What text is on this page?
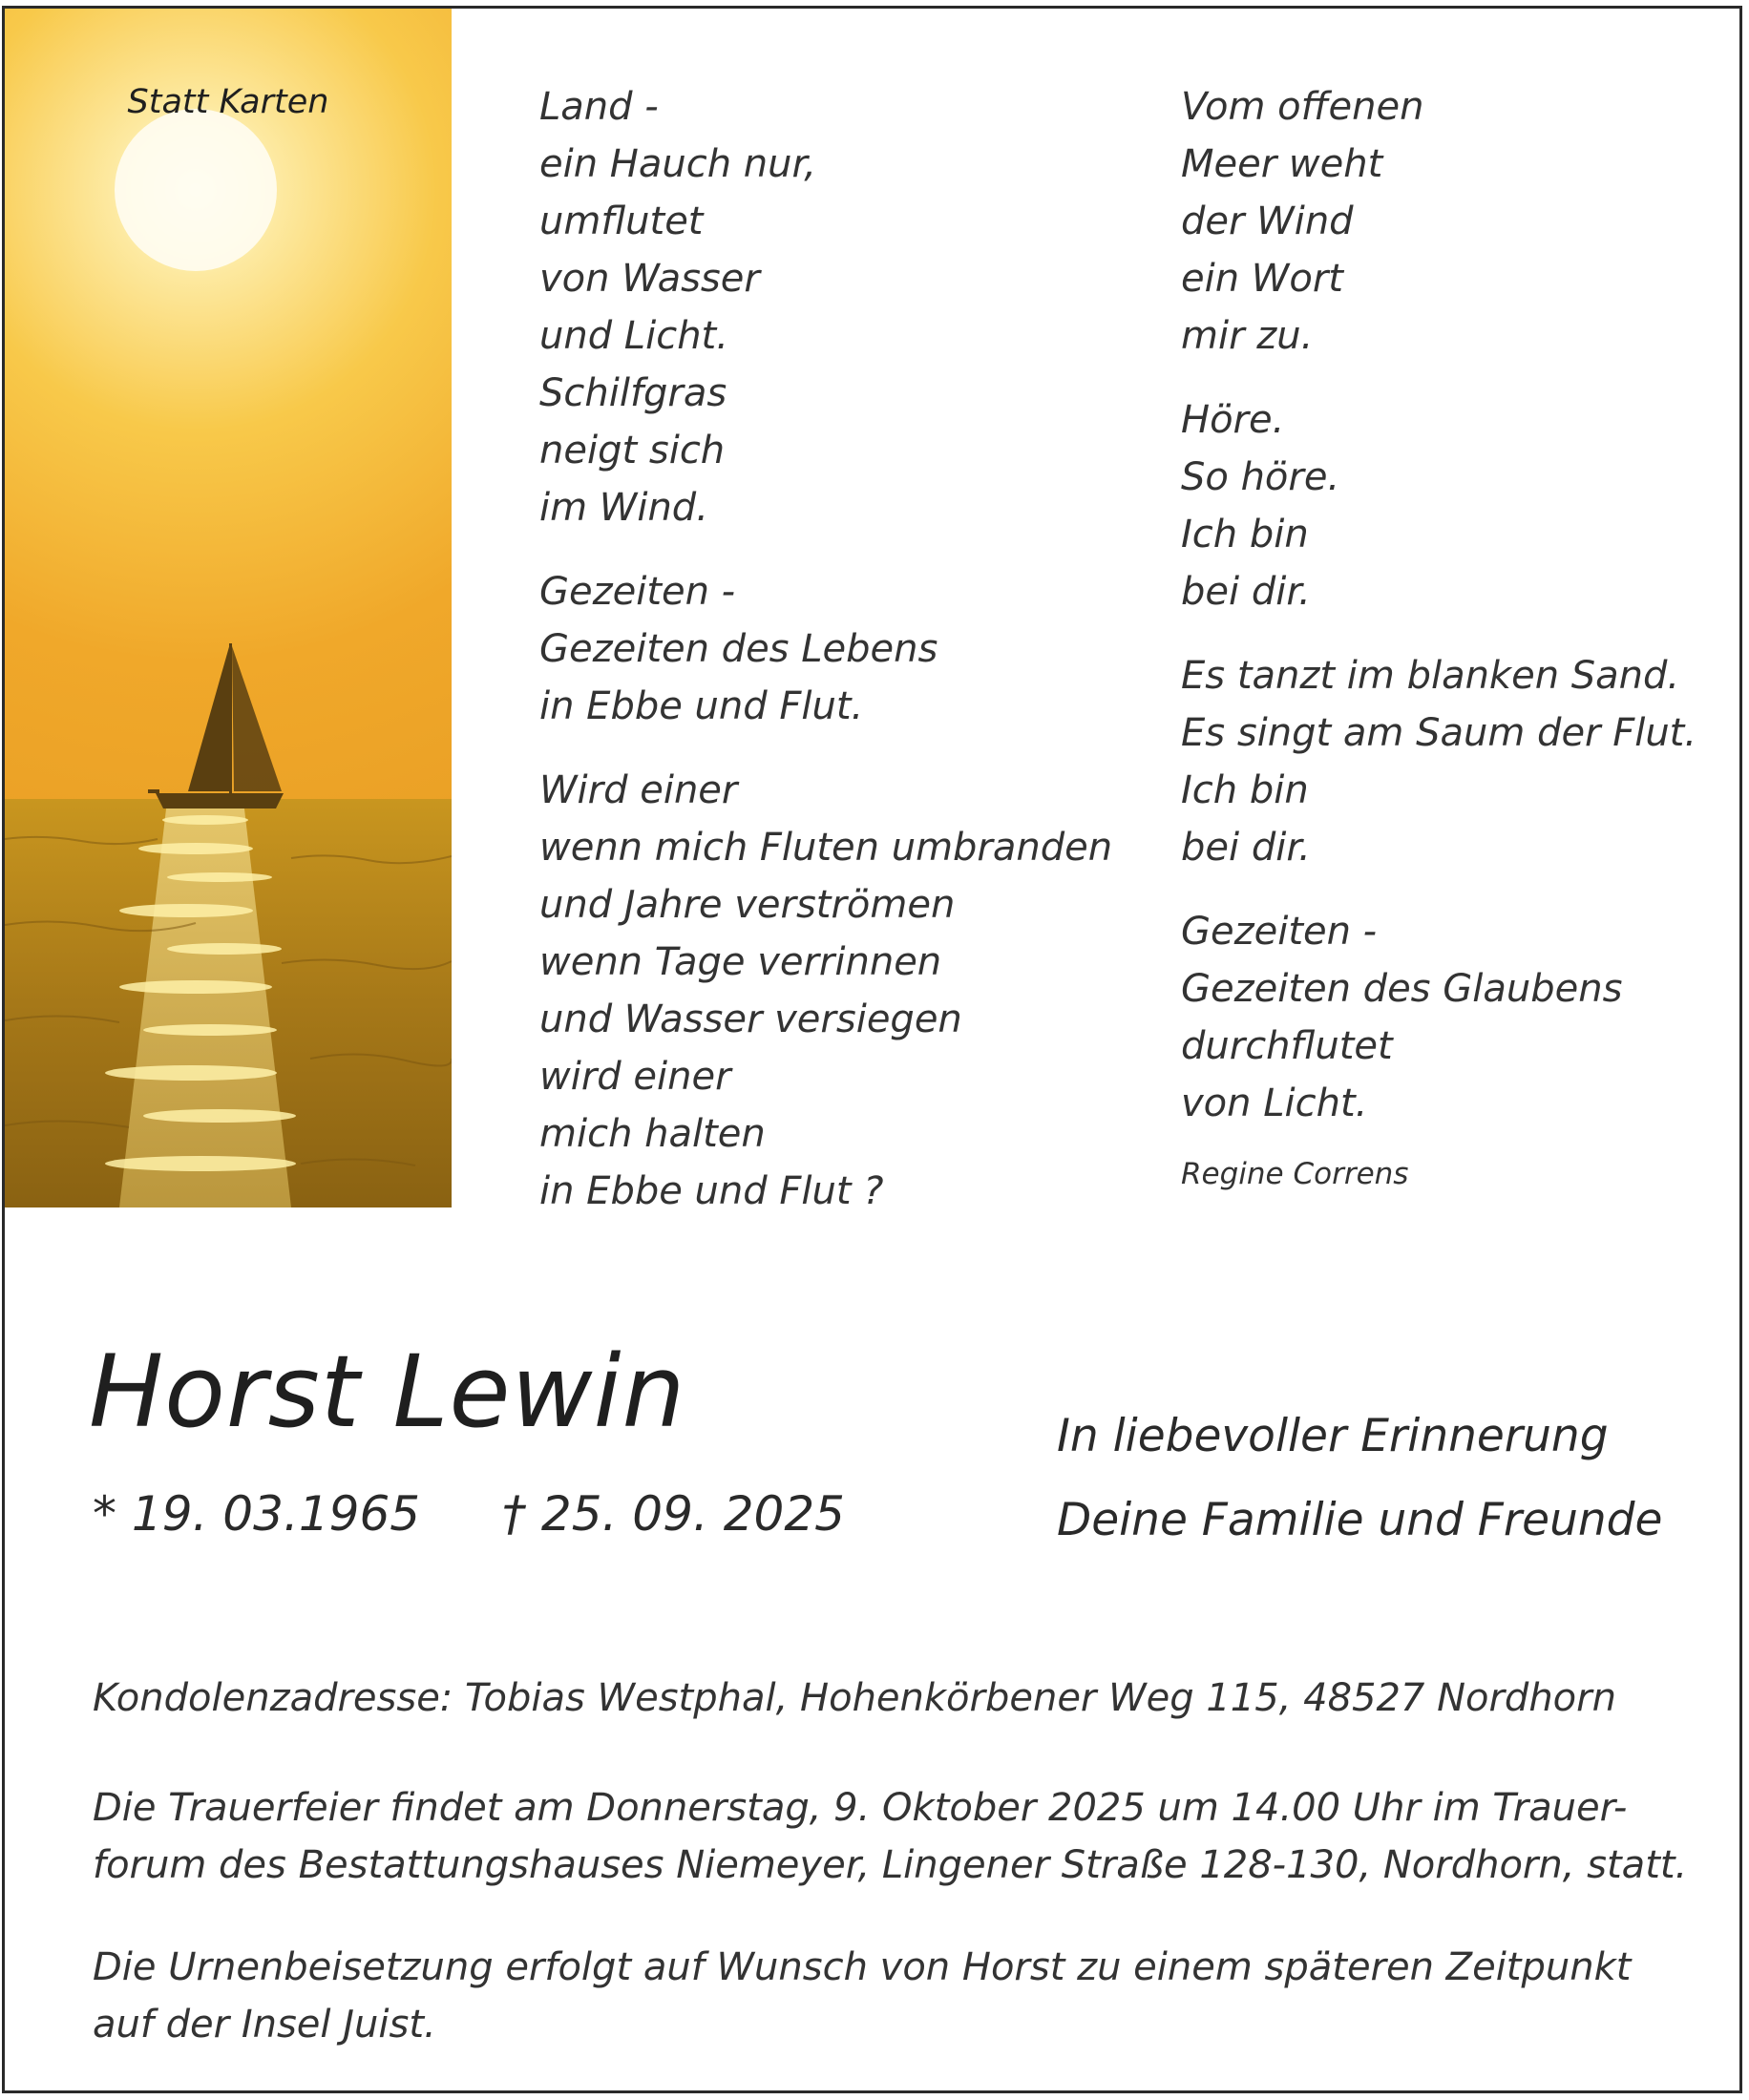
Statt Karten	Land -
ein Hauch nur,
umflutet
von Wasser
und Licht.
Schilfgras
neigt sich
im Wind.
Gezeiten -
Gezeiten des Lebens
in Ebbe und Flut.
Wird einer
wenn mich Fluten umbranden
und Jahre verströmen
wenn Tage verrinnen
und Wasser versiegen
wird einer
mich halten
in Ebbe und Flut ?
Vom offenen
Meer weht
der Wind
ein Wort
mir zu.
Höre.
So höre.
Ich bin
bei dir.
Es tanzt im blanken Sand.
Es singt am Saum der Flut.
Ich bin
bei dir.
Gezeiten -
Gezeiten des Glaubens
durchflutet
von Licht.
Regine Correns
Horst Lewin
* 19. 03.1965 † 25. 09. 2025
In liebevoller Erinnerung
Deine Familie und Freunde
Kondolenzadresse: Tobias Westphal, Hohenkörbener Weg 115, 48527 Nordhorn
Die Trauerfeier findet am Donnerstag, 9. Oktober 2025 um 14.00 Uhr im Trauer-
forum des Bestattungshauses Niemeyer, Lingener Straße 128-130, Nordhorn, statt.
Die Urnenbeisetzung erfolgt auf Wunsch von Horst zu einem späteren Zeitpunkt
auf der Insel Juist.
